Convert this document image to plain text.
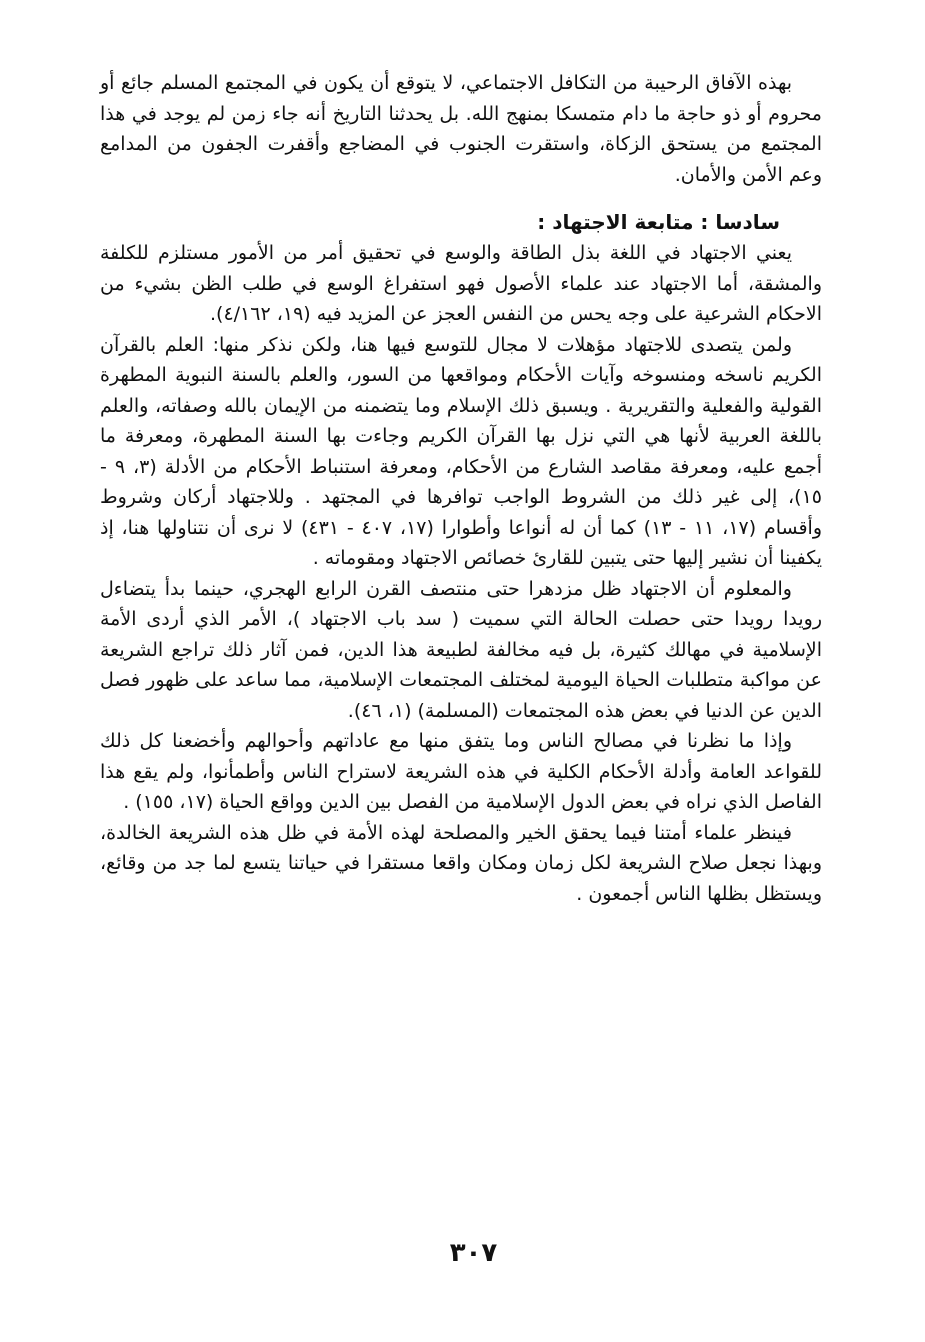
بهذه الآفاق الرحيبة من التكافل الاجتماعي، لا يتوقع أن يكون في المجتمع المسلم جائع أو محروم أو ذو حاجة ما دام متمسكا بمنهج الله. بل يحدثنا التاريخ أنه جاء زمن لم يوجد في هذا المجتمع من يستحق الزكاة، واستقرت الجنوب في المضاجع وأقفرت الجفون من المدامع وعم الأمن والأمان.

سادسا : متابعة الاجتهاد :

يعني الاجتهاد في اللغة بذل الطاقة والوسع في تحقيق أمر من الأمور مستلزم للكلفة والمشقة، أما الاجتهاد عند علماء الأصول فهو استفراغ الوسع في طلب الظن بشيء من الاحكام الشرعية على وجه يحس من النفس العجز عن المزيد فيه (١٩، ٤/١٦٢).

ولمن يتصدى للاجتهاد مؤهلات لا مجال للتوسع فيها هنا، ولكن نذكر منها: العلم بالقرآن الكريم ناسخه ومنسوخه وآيات الأحكام ومواقعها من السور، والعلم بالسنة النبوية المطهرة القولية والفعلية والتقريرية . ويسبق ذلك الإسلام وما يتضمنه من الإيمان بالله وصفاته، والعلم باللغة العربية لأنها هي التي نزل بها القرآن الكريم وجاءت بها السنة المطهرة، ومعرفة ما أجمع عليه، ومعرفة مقاصد الشارع من الأحكام، ومعرفة استنباط الأحكام من الأدلة (٣، ٩ - ١٥)، إلى غير ذلك من الشروط الواجب توافرها في المجتهد . وللاجتهاد أركان وشروط وأقسام (١٧، ١١ - ١٣) كما أن له أنواعا وأطوارا (١٧، ٤٠٧ - ٤٣١) لا نرى أن نتناولها هنا، إذ يكفينا أن نشير إليها حتى يتبين للقارئ خصائص الاجتهاد ومقوماته .

والمعلوم أن الاجتهاد ظل مزدهرا حتى منتصف القرن الرابع الهجري، حينما بدأ يتضاءل رويدا رويدا حتى حصلت الحالة التي سميت ( سد باب الاجتهاد )، الأمر الذي أردى الأمة الإسلامية في مهالك كثيرة، بل فيه مخالفة لطبيعة هذا الدين، فمن آثار ذلك تراجع الشريعة عن مواكبة متطلبات الحياة اليومية لمختلف المجتمعات الإسلامية، مما ساعد على ظهور فصل الدين عن الدنيا في بعض هذه المجتمعات (المسلمة) (١، ٤٦).

وإذا ما نظرنا في مصالح الناس وما يتفق منها مع عاداتهم وأحوالهم وأخضعنا كل ذلك للقواعد العامة وأدلة الأحكام الكلية في هذه الشريعة لاستراح الناس وأطمأنوا، ولم يقع هذا الفاصل الذي نراه في بعض الدول الإسلامية من الفصل بين الدين وواقع الحياة (١٧، ١٥٥) .

فينظر علماء أمتنا فيما يحقق الخير والمصلحة لهذه الأمة في ظل هذه الشريعة الخالدة، وبهذا نجعل صلاح الشريعة لكل زمان ومكان واقعا مستقرا في حياتنا يتسع لما جد من وقائع، ويستظل بظلها الناس أجمعون .

٣٠٧
